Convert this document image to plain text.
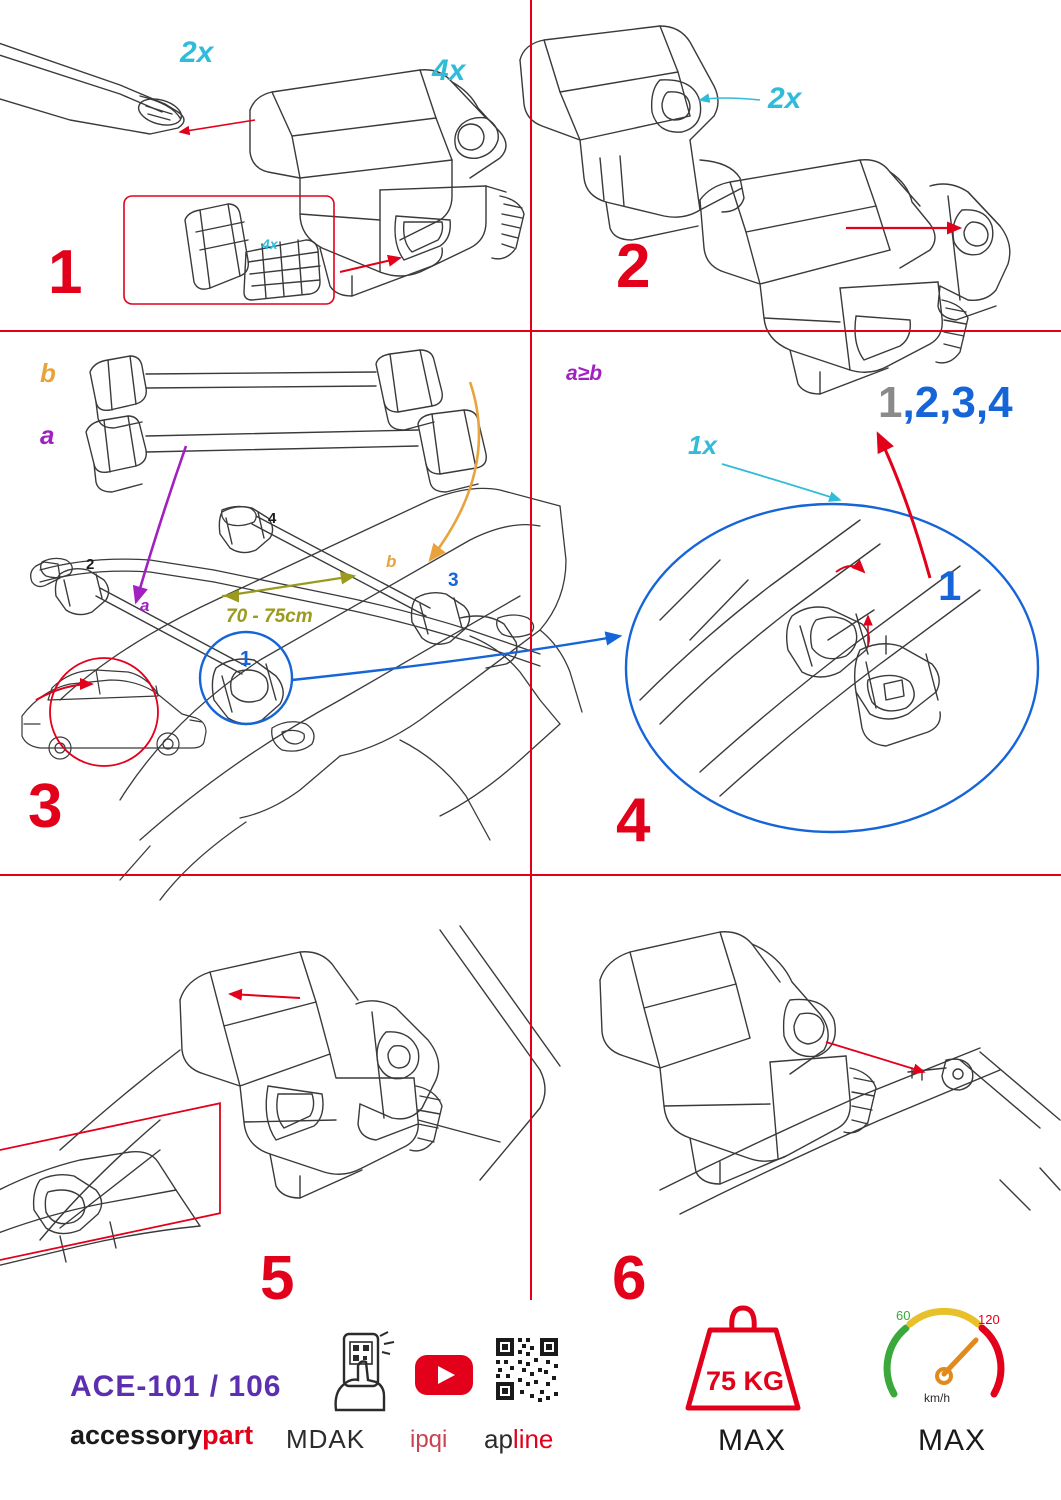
1	2
3	4
5	6
2x
4x
4x
2x
b
a
a
b
a≥b
70 - 75cm
1
2
3
4
1x
1
1,2,3,4
ACE-101 / 106
accessorypart MDAK ipqi apline
75 KG
MAX
60	120
km/h
MAX
